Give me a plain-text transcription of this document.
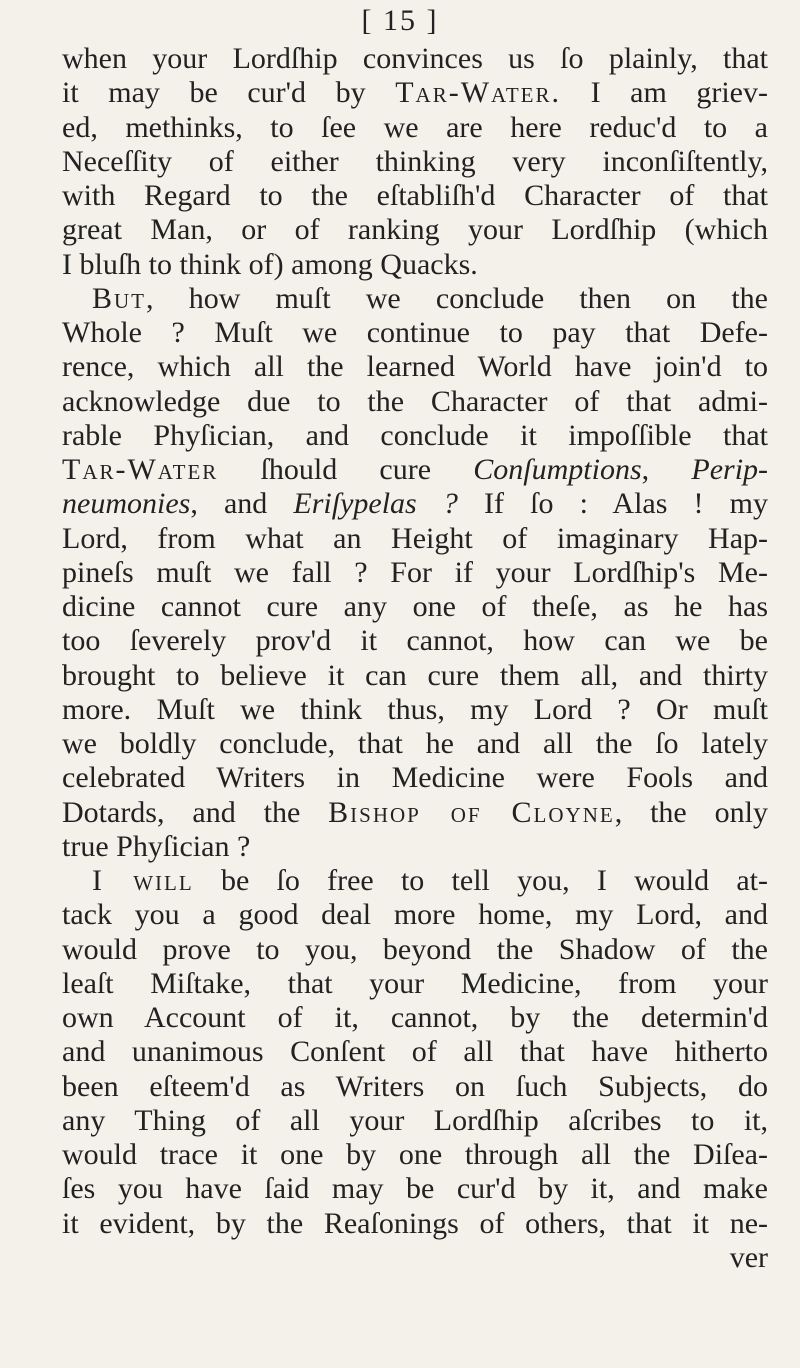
[ 15 ]
when your Lordſhip convinces us ſo plainly, that
it may be cur'd by Tar-Water. I am griev-
ed, methinks, to ſee we are here reduc'd to a
Neceſſity of either thinking very inconſiſtently,
with Regard to the eſtabliſh'd Character of that
great Man, or of ranking your Lordſhip (which
I bluſh to think of) among Quacks.
But, how muſt we conclude then on the
Whole ? Muſt we continue to pay that Defe-
rence, which all the learned World have join'd to
acknowledge due to the Character of that admi-
rable Phyſician, and conclude it impoſſible that
Tar-Water ſhould cure Conſumptions, Perip-
neumonies, and Eriſypelas ? If ſo : Alas ! my
Lord, from what an Height of imaginary Hap-
pineſs muſt we fall ? For if your Lordſhip's Me-
dicine cannot cure any one of theſe, as he has
too ſeverely prov'd it cannot, how can we be
brought to believe it can cure them all, and thirty
more. Muſt we think thus, my Lord ? Or muſt
we boldly conclude, that he and all the ſo lately
celebrated Writers in Medicine were Fools and
Dotards, and the Bishop of Cloyne, the only
true Phyſician ?
I will be ſo free to tell you, I would at-
tack you a good deal more home, my Lord, and
would prove to you, beyond the Shadow of the
leaſt Miſtake, that your Medicine, from your
own Account of it, cannot, by the determin'd
and unanimous Conſent of all that have hitherto
been eſteem'd as Writers on ſuch Subjects, do
any Thing of all your Lordſhip aſcribes to it,
would trace it one by one through all the Diſea-
ſes you have ſaid may be cur'd by it, and make
it evident, by the Reaſonings of others, that it ne-
ver
